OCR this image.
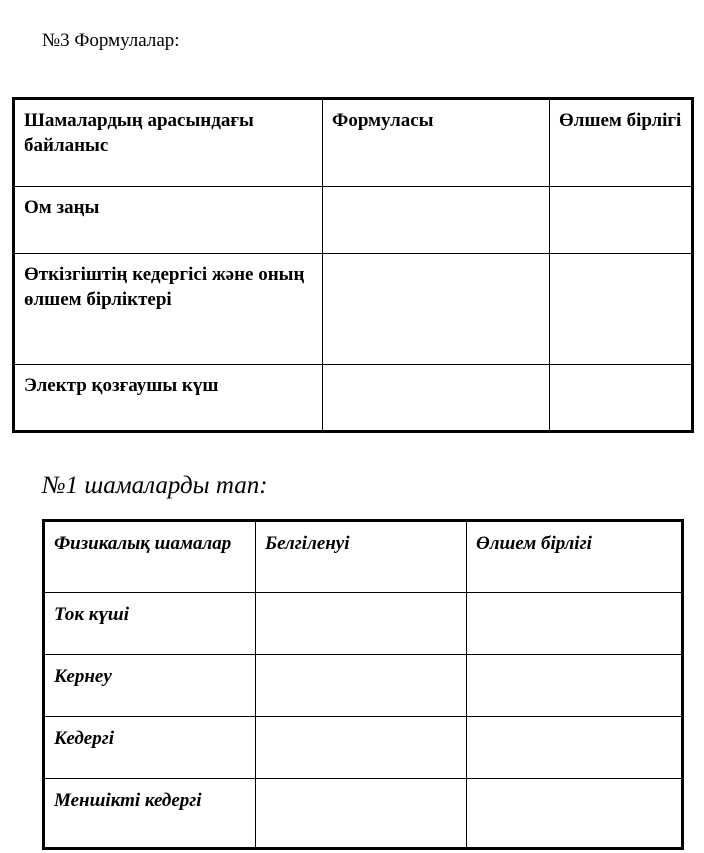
№3 Формулалар:
Шамалардың арасындағы байланыс	Формуласы	Өлшем бірлігі
Ом заңы		
Өткізгіштің кедергісі және оның өлшем бірліктері		
Электр қозғаушы күш		
№1 шамаларды тап:
Физикалық шамалар	Белгіленуі	Өлшем бірлігі
Ток күші		
Кернеу		
Кедергі		
Меншікті кедергі		
